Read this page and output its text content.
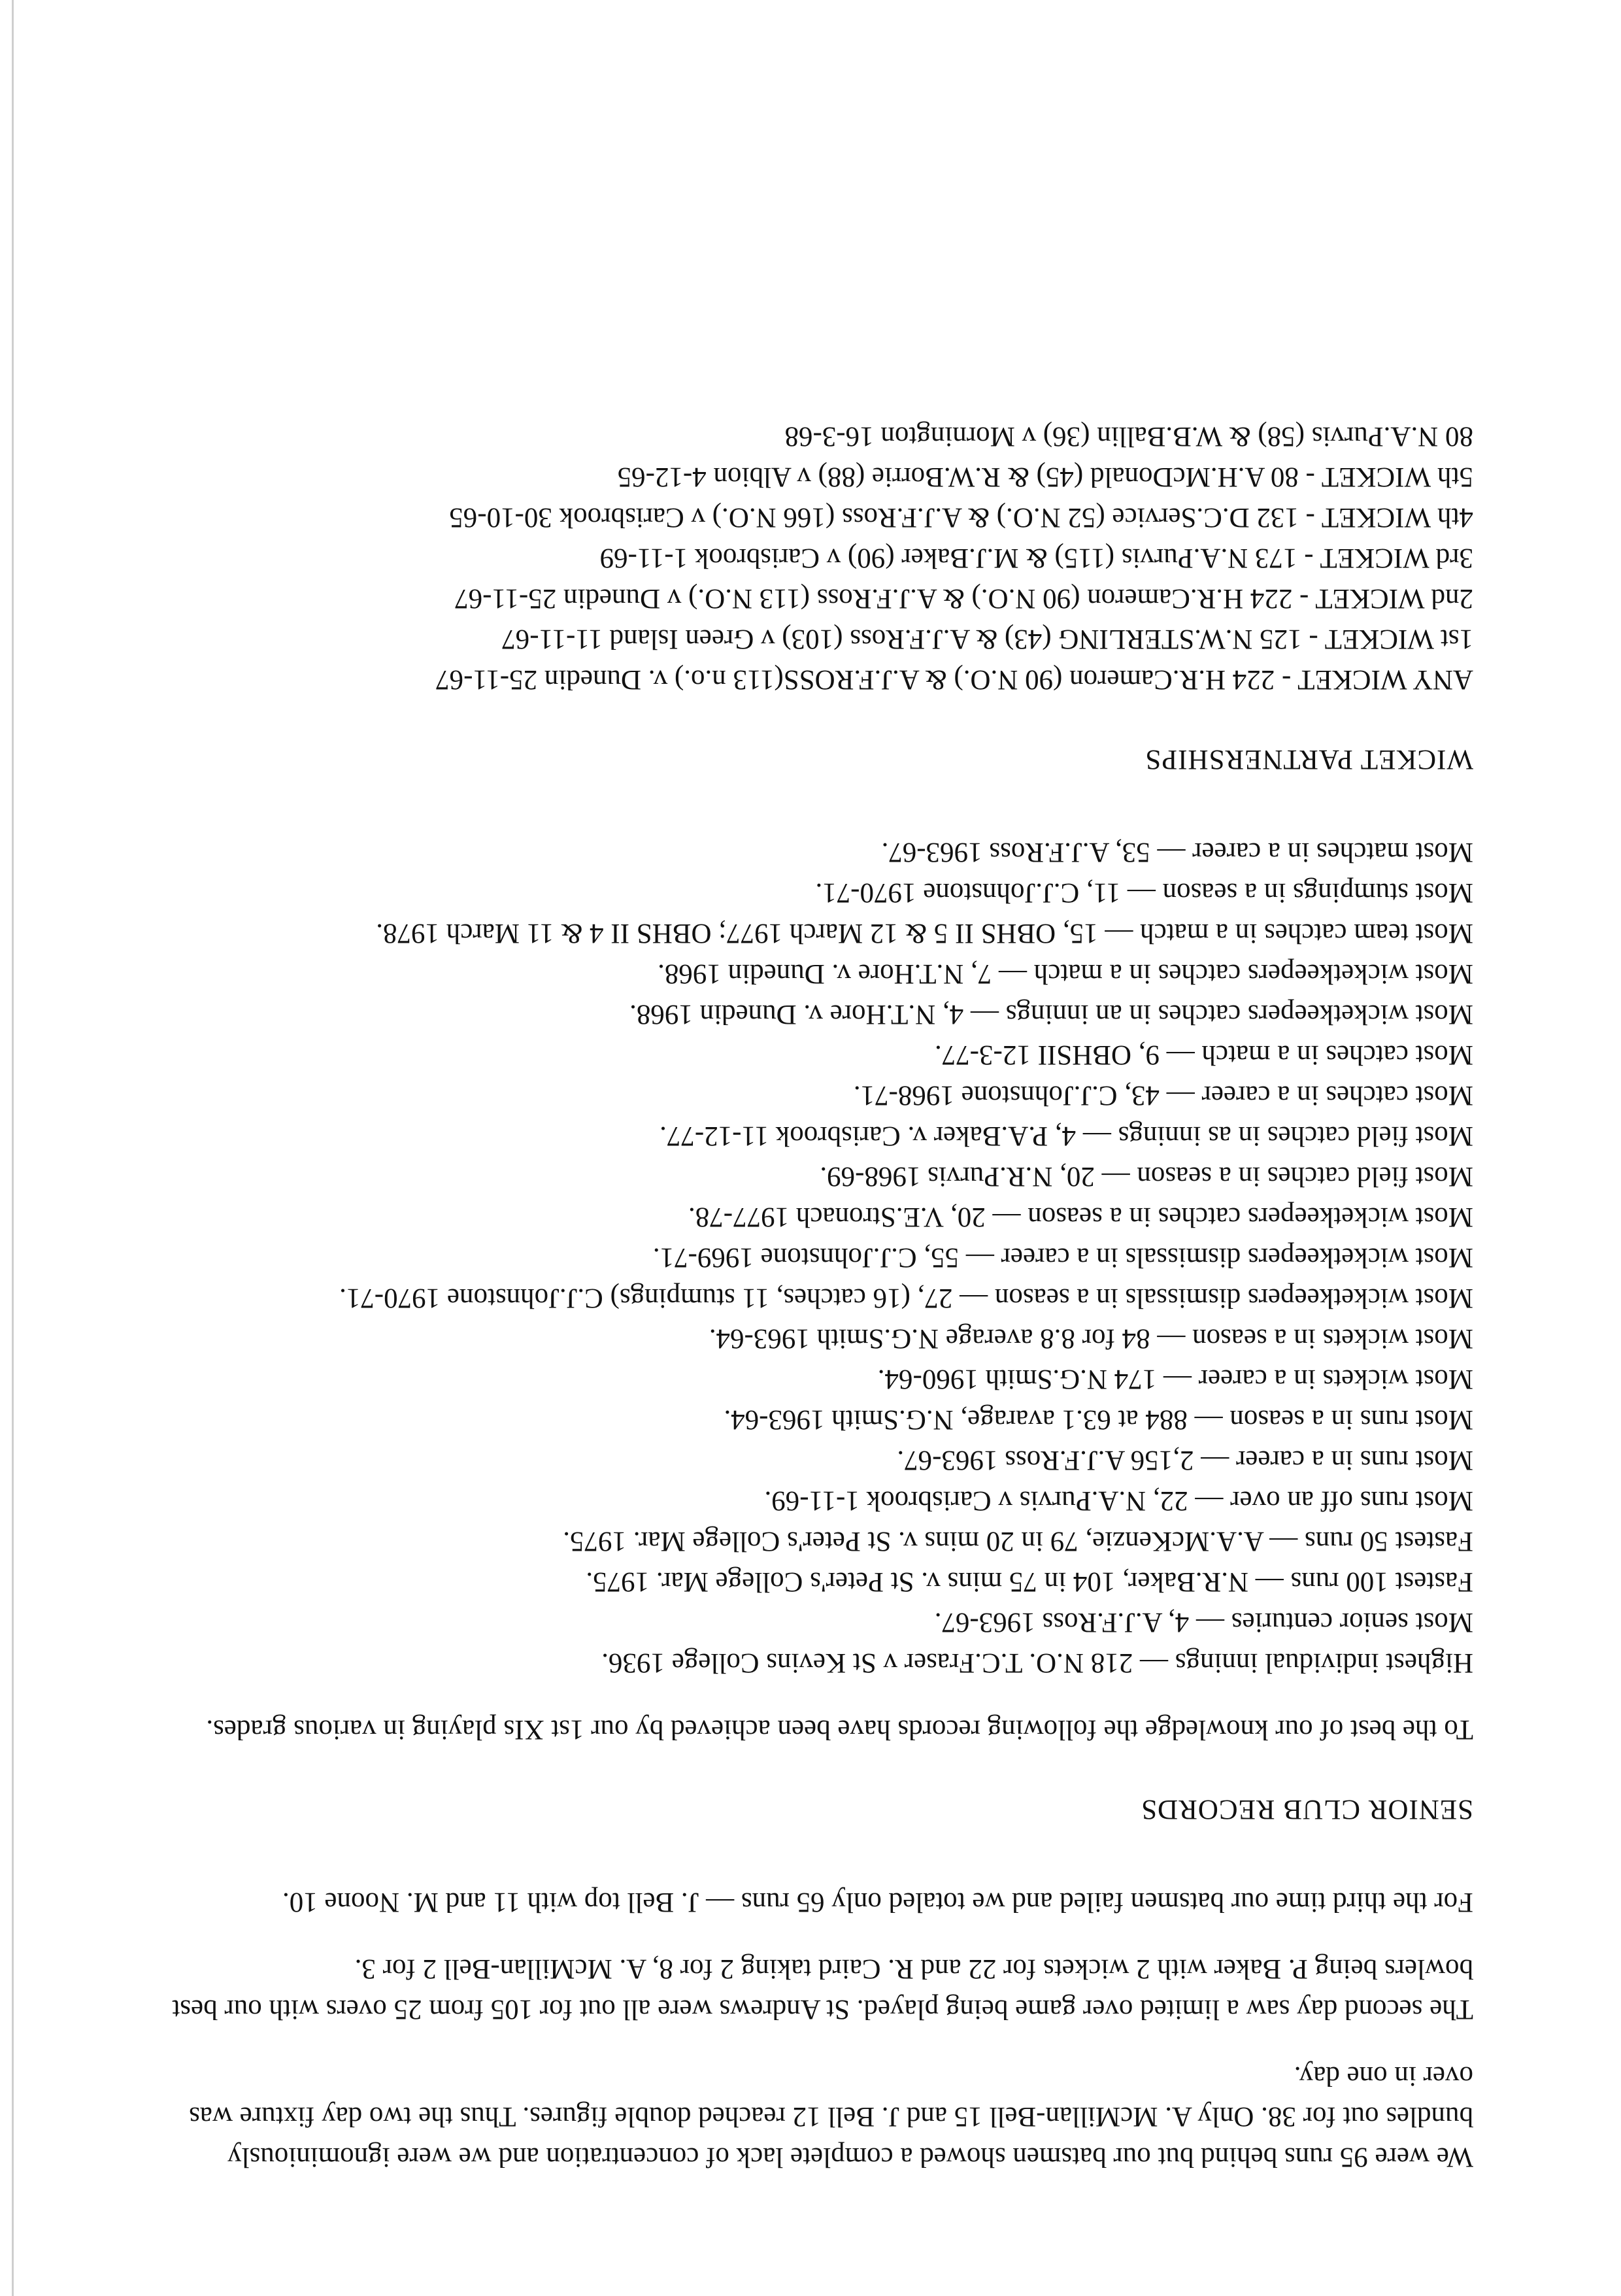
We were 95 runs behind but our batsmen showed a complete lack of concentration and we were ignominiously bundles out for 38. Only A. McMillan-Bell 15 and J. Bell 12 reached double figures. Thus the two day fixture was over in one day.

The second day saw a limited over game being played. St Andrews were all out for 105 from 25 overs with our best bowlers being P. Baker with 2 wickets for 22 and R. Caird taking 2 for 8, A. McMillan-Bell 2 for 3.

For the third time our batsmen failed and we totaled only 65 runs — J. Bell top with 11 and M. Noone 10.

SENIOR CLUB RECORDS

To the best of our knowledge the following records have been achieved by our 1st XIs playing in various grades.

Highest individual innings — 218 N.O. T.C.Fraser v St Kevins College 1936.

Most senior centuries — 4, A.J.F.Ross 1963-67.

Fastest 100 runs — N.R.Baker, 104 in 75 mins v. St Peter's College Mar. 1975.

Fastest 50 runs — A.A.McKenzie, 79 in 20 mins v. St Peter's College Mar. 1975.

Most runs off an over — 22, N.A.Purvis v Carisbrook 1-11-69.

Most runs in a career — 2,156 A.J.F.Ross 1963-67.

Most runs in a season — 884 at 63.1 avarage, N.G.Smith 1963-64.

Most wickets in a career — 174 N.G.Smith 1960-64.

Most wickets in a season — 84 for 8.8 average N.G.Smith 1963-64.

Most wicketkeepers dismissals in a season — 27, (16 catches, 11 stumpings) C.J.Johnstone 1970-71.

Most wicketkeepers dismissals in a career — 55, C.J.Johnstone 1969-71.

Most wicketkeepers catches in a season — 20, V.E.Stronach 1977-78.

Most field catches in a season — 20, N.R.Purvis 1968-69.

Most field catches in as innings — 4, P.A.Baker v. Carisbrook 11-12-77.

Most catches in a career — 43, C.J.Johnstone 1968-71.

Most catches in a match — 9, OBHSII 12-3-77.

Most wicketkeepers catches in an innings — 4, N.T.Hore v. Dunedin 1968.

Most wicketkeepers catches in a match — 7, N.T.Hore v. Dunedin 1968.

Most team catches in a match — 15, OBHS II 5 & 12 March 1977; OBHS II 4 & 11 March 1978.

Most stumpings in a season — 11, C.J.Johnstone 1970-71.

Most matches in a career — 53, A.J.F.Ross 1963-67.

WICKET PARTNERSHIPS

ANY WICKET - 224 H.R.Cameron (90 N.O.) & A.J.F.ROSS(113 n.o.) v. Dunedin 25-11-67

1st WICKET - 125 N.W.STERLING (43) & A.J.F.Ross (103) v Green Island 11-11-67

2nd WICKET - 224 H.R.Cameron (90 N.O.) & A.J.F.Ross (113 N.O.) v Dunedin 25-11-67

3rd WICKET - 173 N.A.Purvis (115) & M.J.Baker (90) v Carisbrook 1-11-69

4th WICKET - 132 D.C.Service (52 N.O.) & A.J.F.Ross (166 N.O.) v Carisbrook 30-10-65

5th WICKET - 80 A.H.McDonald (45) & R.W.Borrie (88) v Albion 4-12-65

80 N.A.Purvis (58) & W.B.Ballin (36) v Mornington 16-3-68
